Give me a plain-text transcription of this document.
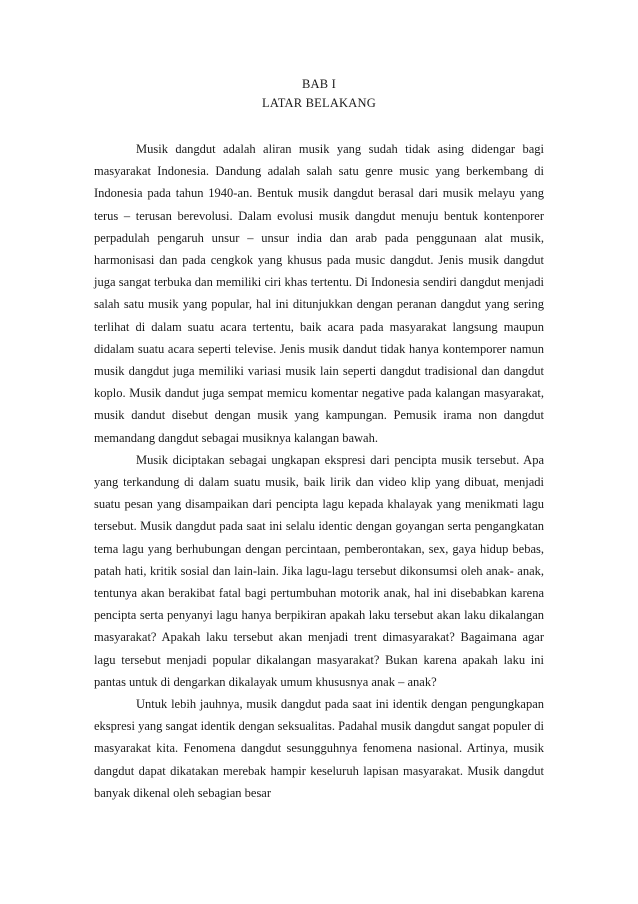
BAB I
LATAR BELAKANG

Musik dangdut adalah aliran musik yang sudah tidak asing didengar bagi masyarakat Indonesia. Dandung adalah salah satu genre music yang berkembang di Indonesia pada tahun 1940-an. Bentuk musik dangdut berasal dari musik melayu yang terus – terusan berevolusi. Dalam evolusi musik dangdut menuju bentuk kontenporer perpadulah pengaruh unsur – unsur india dan arab pada penggunaan alat musik, harmonisasi dan pada cengkok yang khusus pada music dangdut. Jenis musik dangdut juga sangat terbuka dan memiliki ciri khas tertentu. Di Indonesia sendiri dangdut menjadi salah satu musik yang popular, hal ini ditunjukkan dengan peranan dangdut yang sering terlihat di dalam suatu acara tertentu, baik acara pada masyarakat langsung maupun didalam suatu acara seperti televise. Jenis musik dandut tidak hanya kontemporer namun musik dangdut juga memiliki variasi musik lain seperti dangdut tradisional dan dangdut koplo. Musik dandut juga sempat memicu komentar negative pada kalangan masyarakat, musik dandut disebut dengan musik yang kampungan. Pemusik irama non dangdut memandang dangdut sebagai musiknya kalangan bawah.

Musik diciptakan sebagai ungkapan ekspresi dari pencipta musik tersebut. Apa yang terkandung di dalam suatu musik, baik lirik dan video klip yang dibuat, menjadi suatu pesan yang disampaikan dari pencipta lagu kepada khalayak yang menikmati lagu tersebut. Musik dangdut pada saat ini selalu identic dengan goyangan serta pengangkatan tema lagu yang berhubungan dengan percintaan, pemberontakan, sex, gaya hidup bebas, patah hati, kritik sosial dan lain-lain. Jika lagu-lagu tersebut dikonsumsi oleh anak- anak, tentunya akan berakibat fatal bagi pertumbuhan motorik anak, hal ini disebabkan karena pencipta serta penyanyi lagu hanya berpikiran apakah laku tersebut akan laku dikalangan masyarakat? Apakah laku tersebut akan menjadi trent dimasyarakat? Bagaimana agar lagu tersebut menjadi popular dikalangan masyarakat? Bukan karena apakah laku ini pantas untuk di dengarkan dikalayak umum khususnya anak – anak?

Untuk lebih jauhnya, musik dangdut pada saat ini identik dengan pengungkapan ekspresi yang sangat identik dengan seksualitas. Padahal musik dangdut sangat populer di masyarakat kita. Fenomena dangdut sesungguhnya fenomena nasional. Artinya, musik dangdut dapat dikatakan merebak hampir keseluruh lapisan masyarakat. Musik dangdut banyak dikenal oleh sebagian besar
